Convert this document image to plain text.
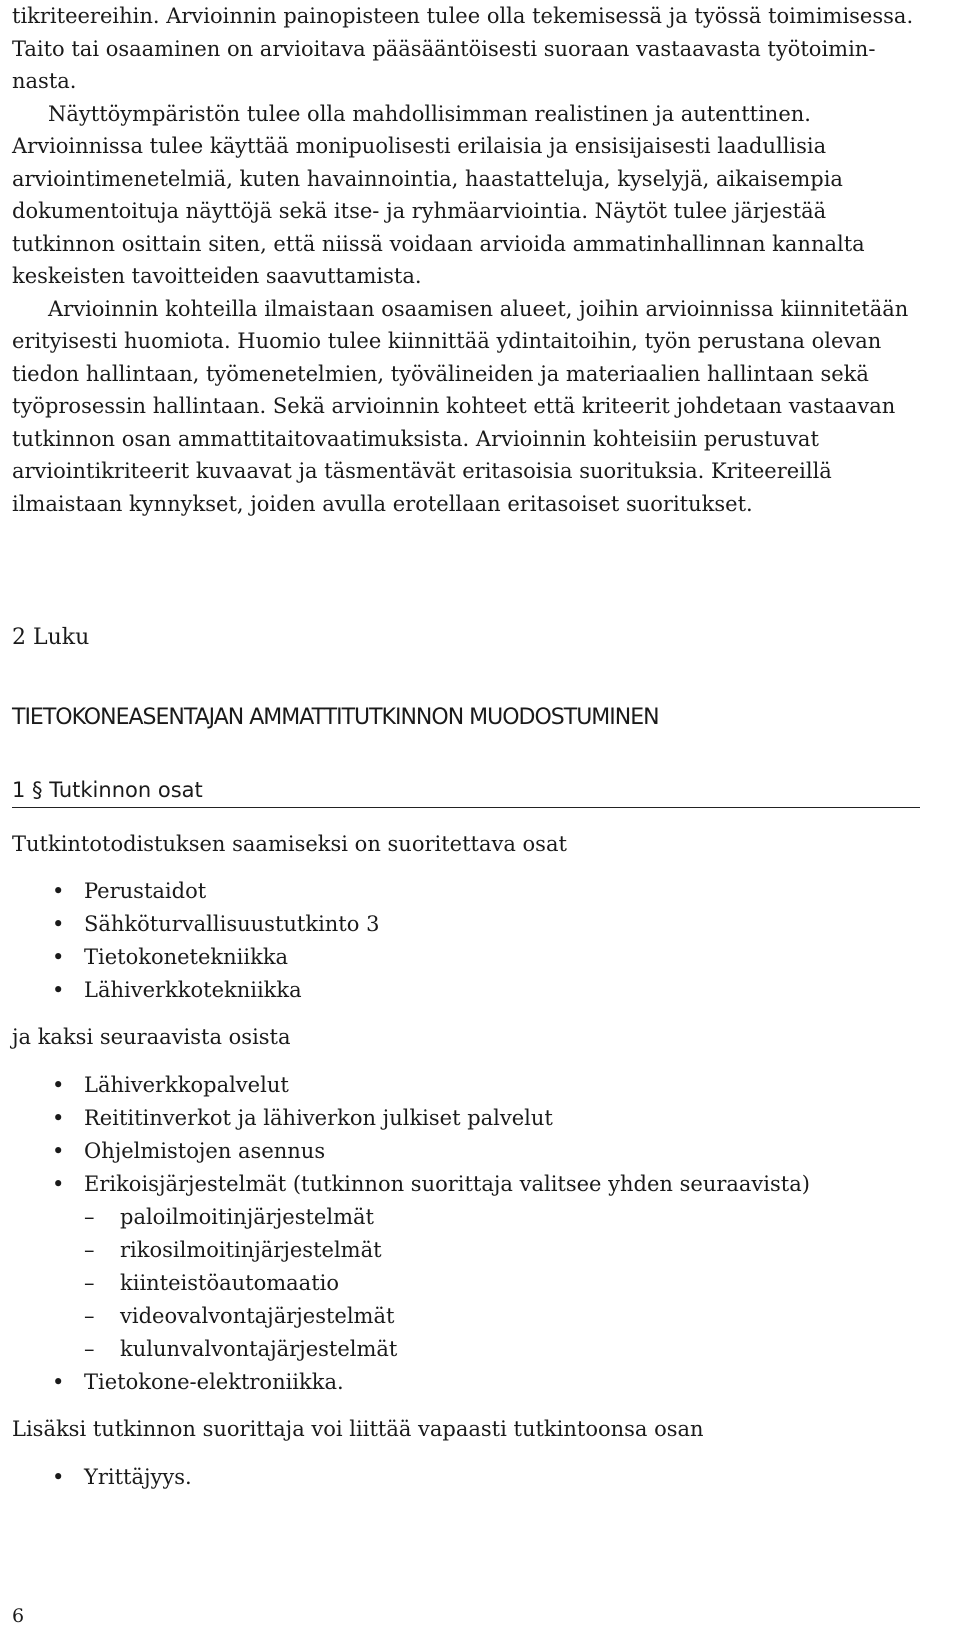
tikriteereihin. Arvioinnin painopisteen tulee olla tekemisessä ja työssä toimimisessa.
Taito tai osaaminen on arvioitava pääsääntöisesti suoraan vastaavasta työtoimin-
nasta.
Näyttöympäristön tulee olla mahdollisimman realistinen ja autenttinen.
Arvioinnissa tulee käyttää monipuolisesti erilaisia ja ensisijaisesti laadullisia
arviointimenetelmiä, kuten havainnointia, haastatteluja, kyselyjä, aikaisempia
dokumentoituja näyttöjä sekä itse- ja ryhmäarviointia. Näytöt tulee järjestää
tutkinnon osittain siten, että niissä voidaan arvioida ammatinhallinnan kannalta
keskeisten tavoitteiden saavuttamista.
Arvioinnin kohteilla ilmaistaan osaamisen alueet, joihin arvioinnissa kiinnitetään
erityisesti huomiota. Huomio tulee kiinnittää ydintaitoihin, työn perustana olevan
tiedon hallintaan, työmenetelmien, työvälineiden ja materiaalien hallintaan sekä
työprosessin hallintaan. Sekä arvioinnin kohteet että kriteerit johdetaan vastaavan
tutkinnon osan ammattitaitovaatimuksista. Arvioinnin kohteisiin perustuvat
arviointikriteerit kuvaavat ja täsmentävät eritasoisia suorituksia. Kriteereillä
ilmaistaan kynnykset, joiden avulla erotellaan eritasoiset suoritukset.
2 Luku
TIETOKONEASENTAJAN AMMATTITUTKINNON MUODOSTUMINEN
1 § Tutkinnon osat
Tutkintotodistuksen saamiseksi on suoritettava osat
• Perustaidot
• Sähköturvallisuustutkinto 3
• Tietokonetekniikka
• Lähiverkkotekniikka
ja kaksi seuraavista osista
• Lähiverkkopalvelut
• Reititinverkot ja lähiverkon julkiset palvelut
• Ohjelmistojen asennus
• Erikoisjärjestelmät (tutkinnon suorittaja valitsee yhden seuraavista)
– paloilmoitinjärjestelmät
– rikosilmoitinjärjestelmät
– kiinteistöautomaatio
– videovalvontajärjestelmät
– kulunvalvontajärjestelmät
• Tietokone-elektroniikka.
Lisäksi tutkinnon suorittaja voi liittää vapaasti tutkintoonsa osan
• Yrittäjyys.
6
